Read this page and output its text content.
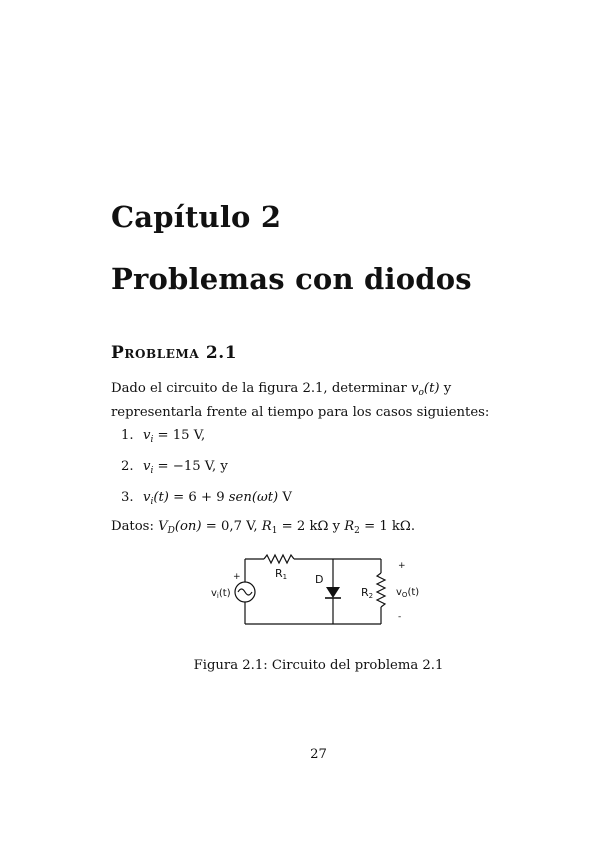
Capítulo 2
Problemas con diodos
Problema 2.1
Dado el circuito de la figura 2.1, determinar $v_o(t)$ y representarla frente al tiempo para los casos siguientes:
1. $v_i = 15$ V,
2. $v_i = -15$ V, y
3. $v_i(t) = 6 + 9$ sen(ωt) V
Datos: $V_D(on) = 0,7$ V, $R_1 = 2$ kΩ y $R_2 = 1$ kΩ.
+
$v_i(t)$
R1	D
R2
+
$v_O(t)$
-
Figura 2.1: Circuito del problema 2.1
27
